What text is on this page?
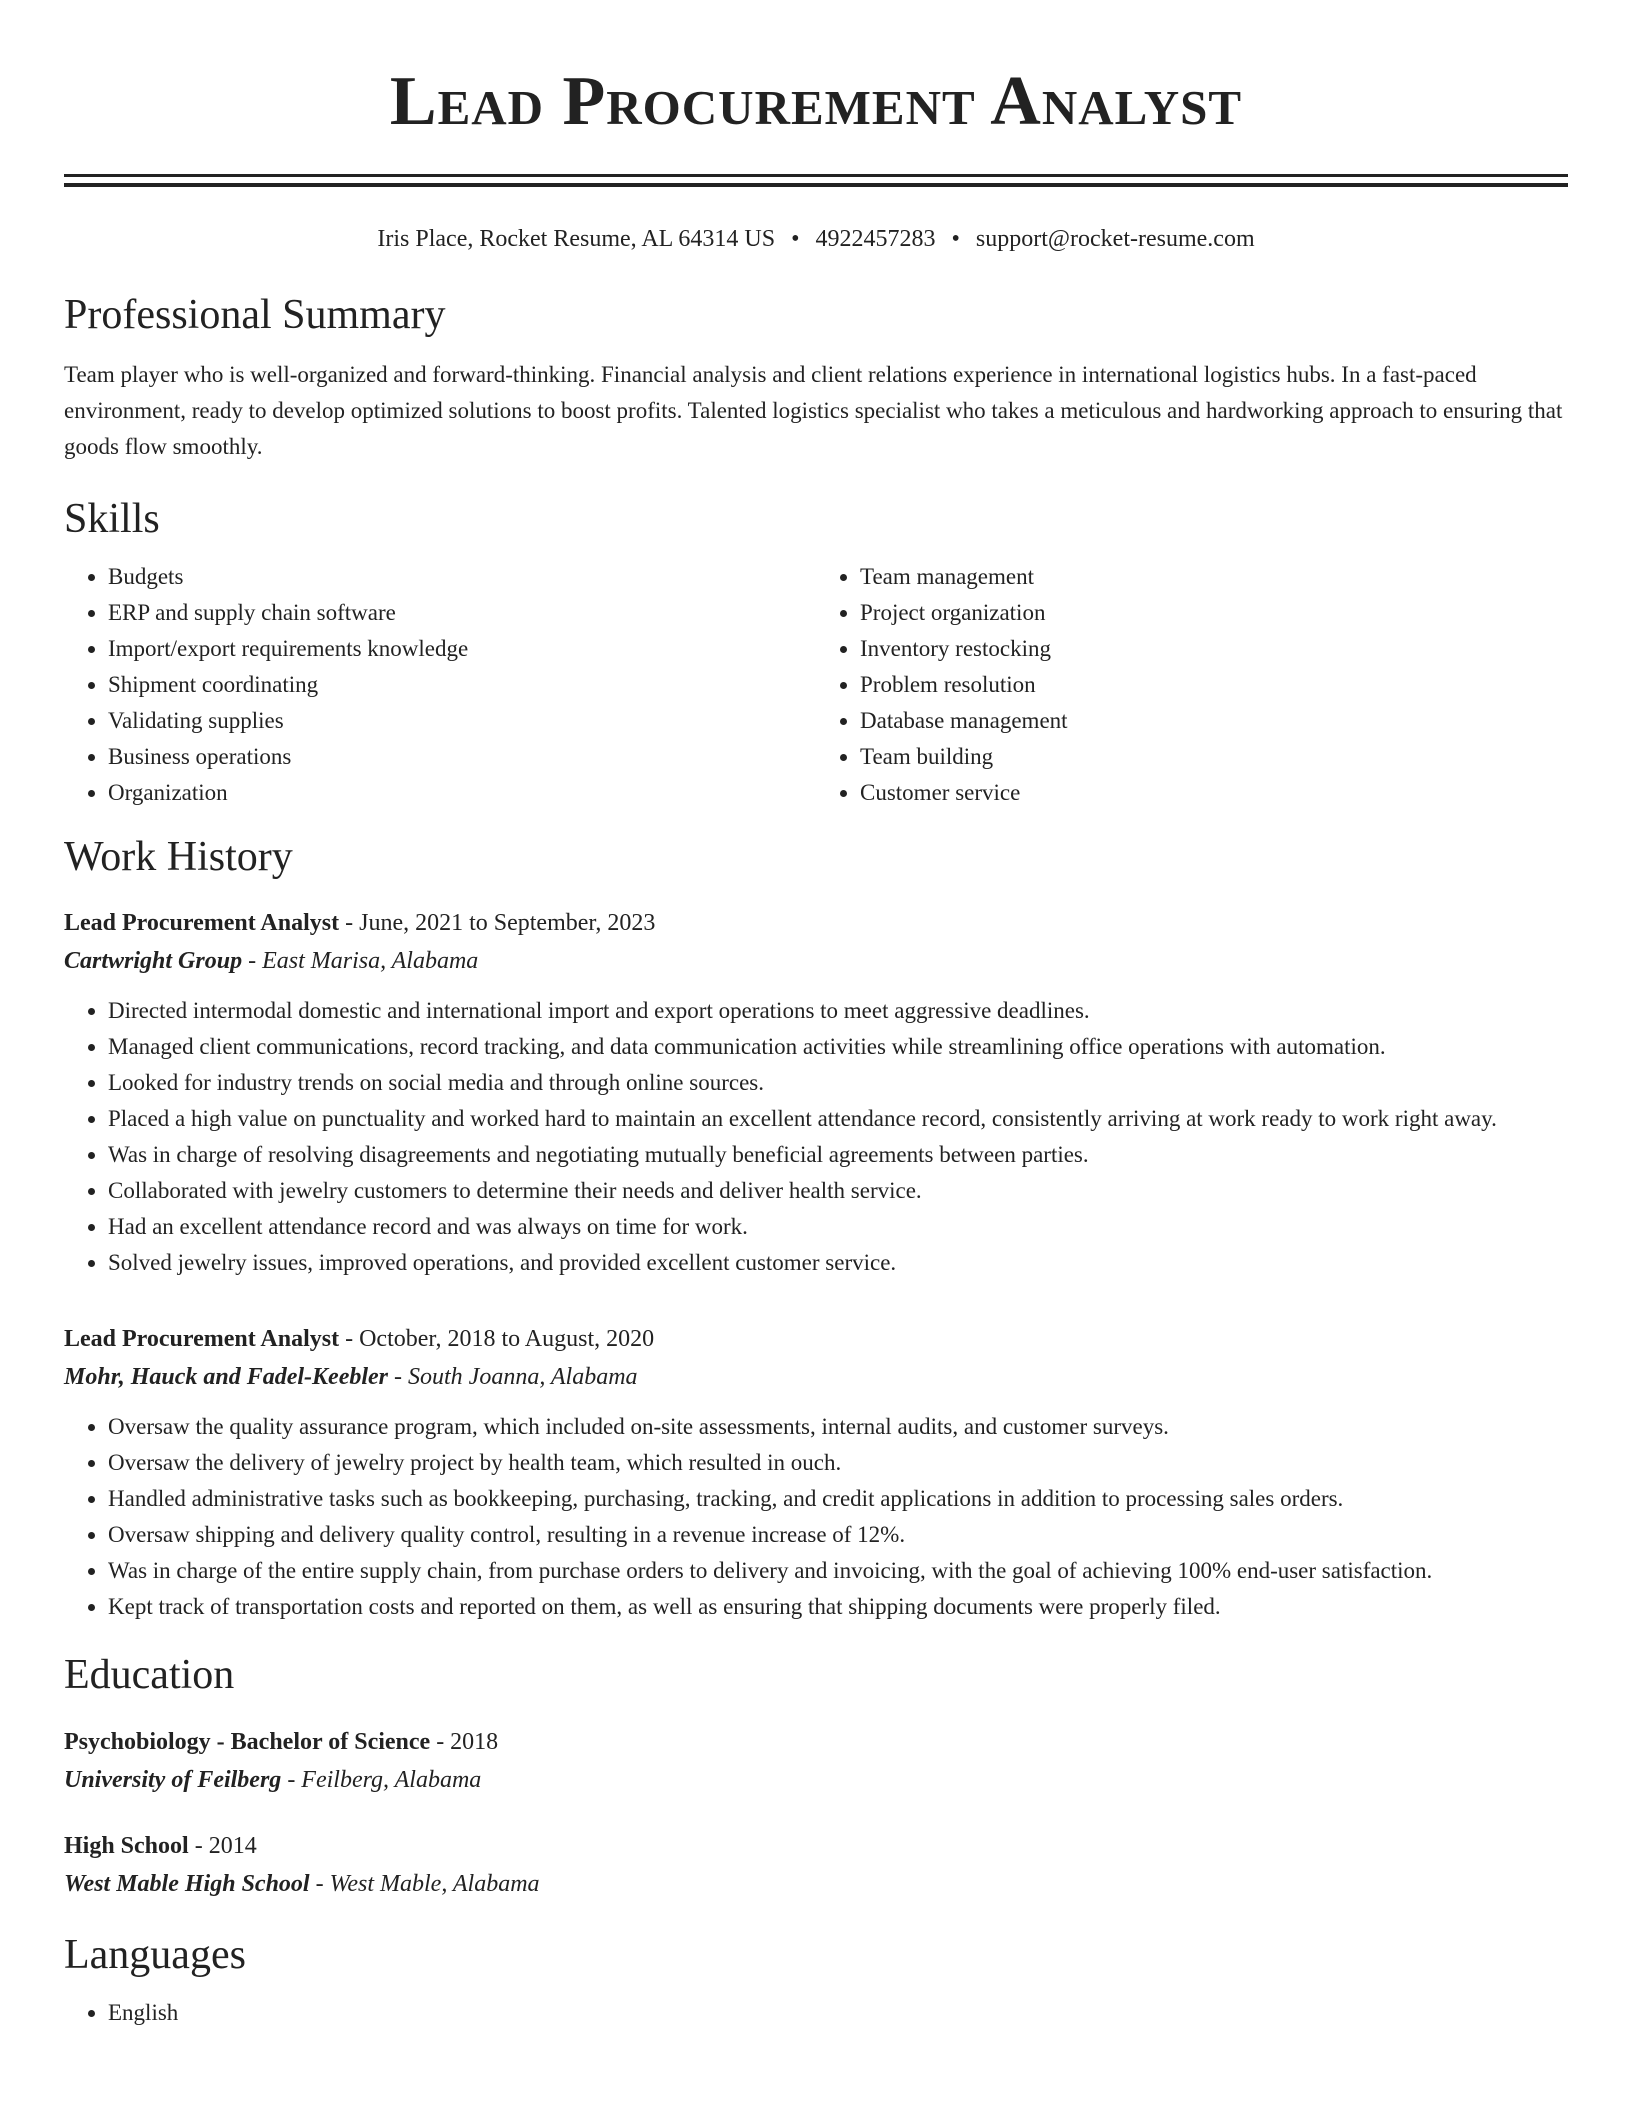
Lead Procurement Analyst
Iris Place, Rocket Resume, AL 64314 US • 4922457283 • support@rocket-resume.com
Professional Summary

Team player who is well-organized and forward-thinking. Financial analysis and client relations experience in international logistics hubs. In a fast-paced environment, ready to develop optimized solutions to boost profits. Talented logistics specialist who takes a meticulous and hardworking approach to ensuring that goods flow smoothly.

Skills
• Budgets
• ERP and supply chain software
• Import/export requirements knowledge
• Shipment coordinating
• Validating supplies
• Business operations
• Organization
• Team management
• Project organization
• Inventory restocking
• Problem resolution
• Database management
• Team building
• Customer service
Work History
Lead Procurement Analyst - June, 2021 to September, 2023
Cartwright Group - East Marisa, Alabama
• Directed intermodal domestic and international import and export operations to meet aggressive deadlines.
• Managed client communications, record tracking, and data communication activities while streamlining office operations with automation.
• Looked for industry trends on social media and through online sources.
• Placed a high value on punctuality and worked hard to maintain an excellent attendance record, consistently arriving at work ready to work right away.
• Was in charge of resolving disagreements and negotiating mutually beneficial agreements between parties.
• Collaborated with jewelry customers to determine their needs and deliver health service.
• Had an excellent attendance record and was always on time for work.
• Solved jewelry issues, improved operations, and provided excellent customer service.
Lead Procurement Analyst - October, 2018 to August, 2020
Mohr, Hauck and Fadel-Keebler - South Joanna, Alabama
• Oversaw the quality assurance program, which included on-site assessments, internal audits, and customer surveys.
• Oversaw the delivery of jewelry project by health team, which resulted in ouch.
• Handled administrative tasks such as bookkeeping, purchasing, tracking, and credit applications in addition to processing sales orders.
• Oversaw shipping and delivery quality control, resulting in a revenue increase of 12%.
• Was in charge of the entire supply chain, from purchase orders to delivery and invoicing, with the goal of achieving 100% end-user satisfaction.
• Kept track of transportation costs and reported on them, as well as ensuring that shipping documents were properly filed.
Education
Psychobiology - Bachelor of Science - 2018
University of Feilberg - Feilberg, Alabama
High School - 2014
West Mable High School - West Mable, Alabama
Languages
• English
